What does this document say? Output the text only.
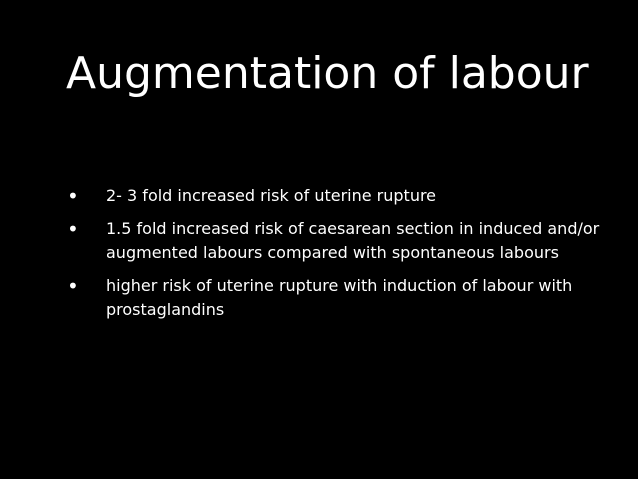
Augmentation of labour
• 2- 3 fold increased risk of uterine rupture
• 1.5 fold increased risk of caesarean section in induced and/or augmented labours compared with spontaneous labours
• higher risk of uterine rupture with induction of labour with prostaglandins
